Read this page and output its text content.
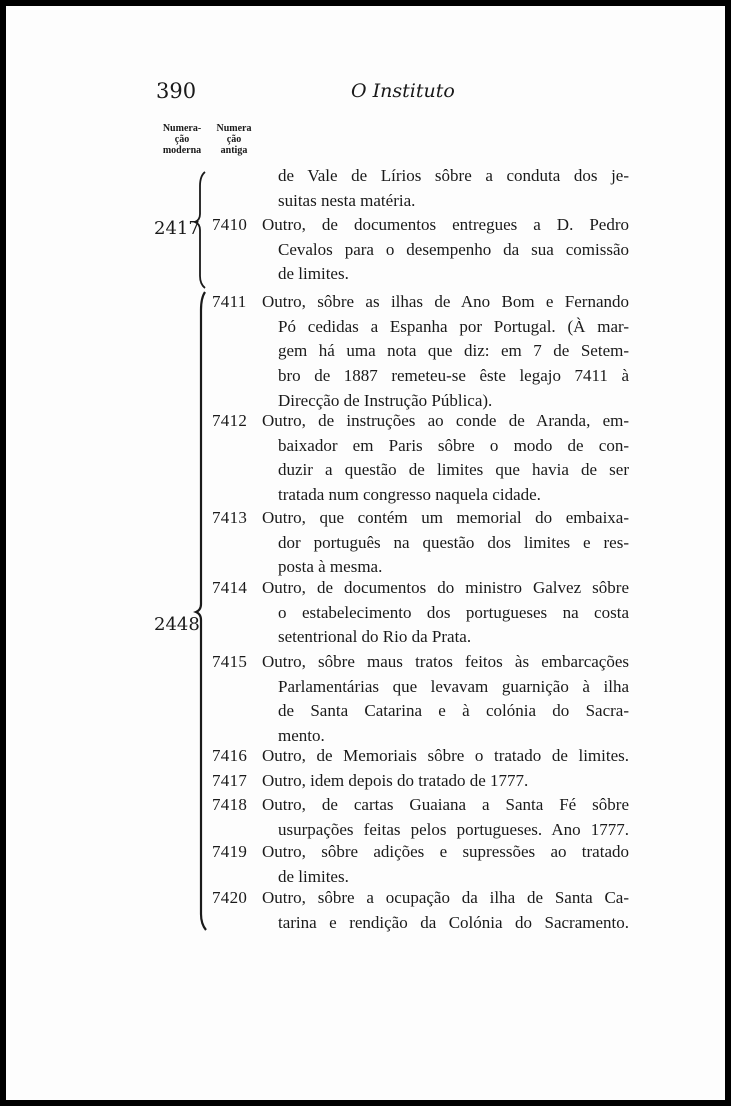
390	O Instituto
Numera-
ção
moderna
Numera
ção
antiga
2417
2448
de Vale de Lírios sôbre a conduta dos je-
suitas nesta matéria.
7410 Outro, de documentos entregues a D. Pedro
Cevalos para o desempenho da sua comissão
de limites.
7411 Outro, sôbre as ilhas de Ano Bom e Fernando
Pó cedidas a Espanha por Portugal. (À mar-
gem há uma nota que diz: em 7 de Setem-
bro de 1887 remeteu-se êste legajo 7411 à
Direcção de Instrução Pública).
7412 Outro, de instruções ao conde de Aranda, em-
baixador em Paris sôbre o modo de con-
duzir a questão de limites que havia de ser
tratada num congresso naquela cidade.
7413 Outro, que contém um memorial do embaixa-
dor português na questão dos limites e res-
posta à mesma.
7414 Outro, de documentos do ministro Galvez sôbre
o estabelecimento dos portugueses na costa
setentrional do Rio da Prata.
7415 Outro, sôbre maus tratos feitos às embarcações
Parlamentárias que levavam guarnição à ilha
de Santa Catarina e à colónia do Sacra-
mento.
7416 Outro, de Memoriais sôbre o tratado de limites.
7417 Outro, idem depois do tratado de 1777.
7418 Outro, de cartas Guaiana a Santa Fé sôbre
usurpações feitas pelos portugueses. Ano 1777.
7419 Outro, sôbre adições e supressões ao tratado
de limites.
7420 Outro, sôbre a ocupação da ilha de Santa Ca-
tarina e rendição da Colónia do Sacramento.
